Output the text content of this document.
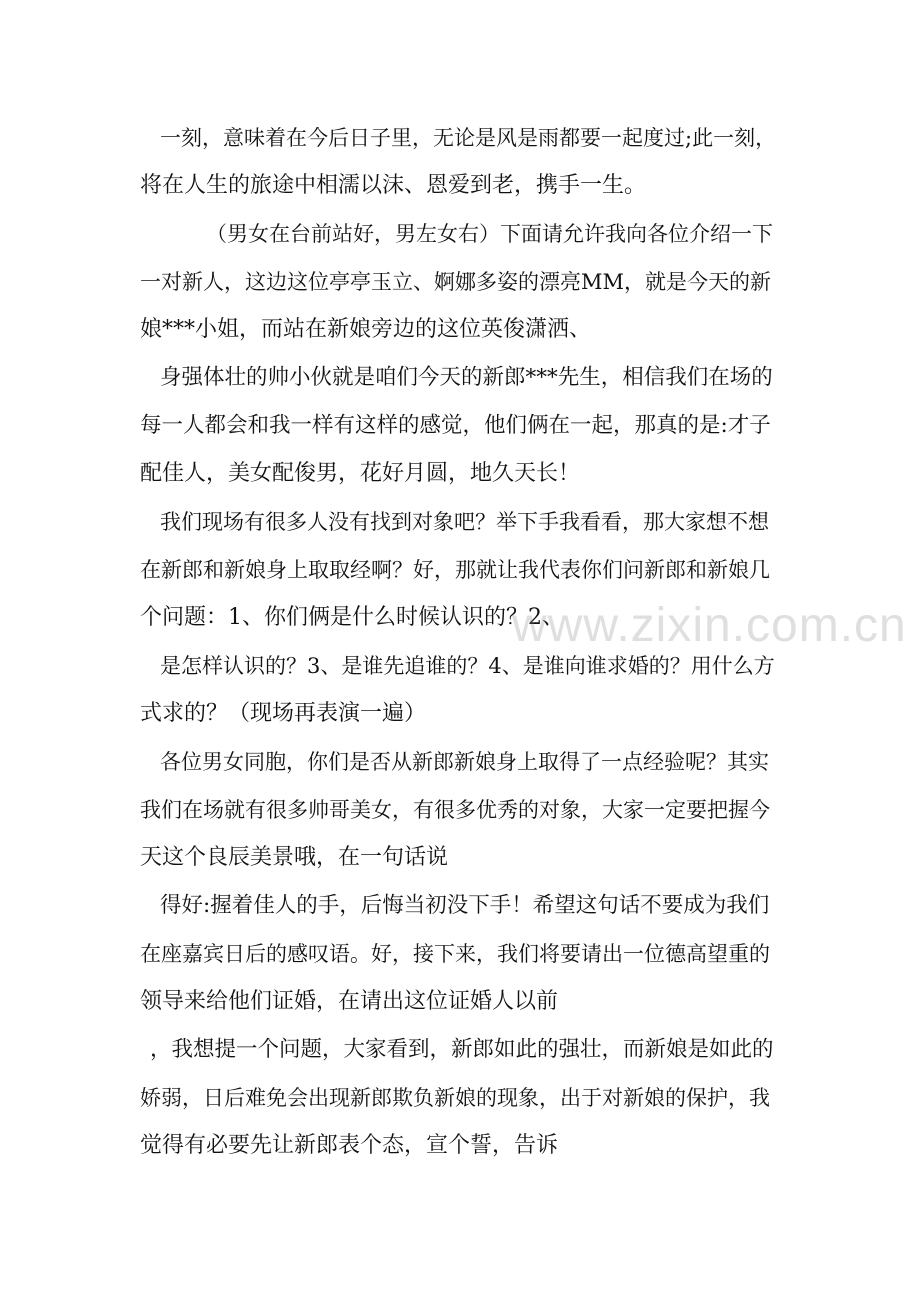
一刻，意味着在今后日子里，无论是风是雨都要一起度过;此一刻，
将在人生的旅途中相濡以沫、恩爱到老，携手一生。
（男女在台前站好，男左女右）下面请允许我向各位介绍一下
一对新人，这边这位亭亭玉立、婀娜多姿的漂亮MM，就是今天的新
娘***小姐，而站在新娘旁边的这位英俊潇洒、
身强体壮的帅小伙就是咱们今天的新郎***先生，相信我们在场的
每一人都会和我一样有这样的感觉，他们俩在一起，那真的是:才子
配佳人，美女配俊男，花好月圆，地久天长！
我们现场有很多人没有找到对象吧？举下手我看看，那大家想不想
在新郎和新娘身上取取经啊？好，那就让我代表你们问新郎和新娘几
个问题：1、你们俩是什么时候认识的？2、
是怎样认识的？3、是谁先追谁的？4、是谁向谁求婚的？用什么方
式求的？（现场再表演一遍）
各位男女同胞，你们是否从新郎新娘身上取得了一点经验呢？其实
我们在场就有很多帅哥美女，有很多优秀的对象，大家一定要把握今
天这个良辰美景哦，在一句话说
得好:握着佳人的手，后悔当初没下手！希望这句话不要成为我们
在座嘉宾日后的感叹语。好，接下来，我们将要请出一位德高望重的
领导来给他们证婚，在请出这位证婚人以前
，我想提一个问题，大家看到，新郎如此的强壮，而新娘是如此的
娇弱，日后难免会出现新郎欺负新娘的现象，出于对新娘的保护，我
觉得有必要先让新郎表个态，宣个誓，告诉
www.zixin.com.cn
